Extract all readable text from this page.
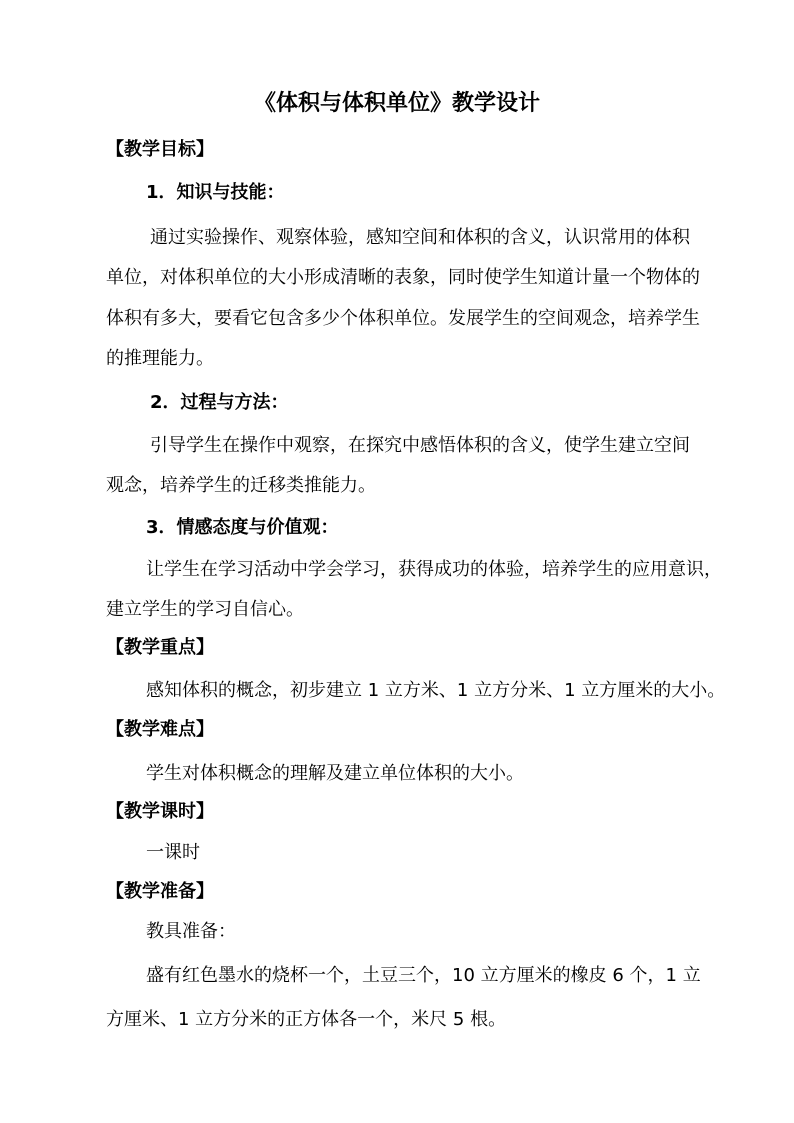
《体积与体积单位》教学设计
【教学目标】
1．知识与技能：
通过实验操作、观察体验，感知空间和体积的含义，认识常用的体积
单位，对体积单位的大小形成清晰的表象，同时使学生知道计量一个物体的
体积有多大，要看它包含多少个体积单位。发展学生的空间观念，培养学生
的推理能力。
2．过程与方法：
引导学生在操作中观察，在探究中感悟体积的含义，使学生建立空间
观念，培养学生的迁移类推能力。
3．情感态度与价值观：
让学生在学习活动中学会学习，获得成功的体验，培养学生的应用意识，
建立学生的学习自信心。
【教学重点】
感知体积的概念，初步建立 1 立方米、1 立方分米、1 立方厘米的大小。
【教学难点】
学生对体积概念的理解及建立单位体积的大小。
【教学课时】
一课时
【教学准备】
教具准备：
盛有红色墨水的烧杯一个，土豆三个，10 立方厘米的橡皮 6 个，1 立
方厘米、1 立方分米的正方体各一个，米尺 5 根。
